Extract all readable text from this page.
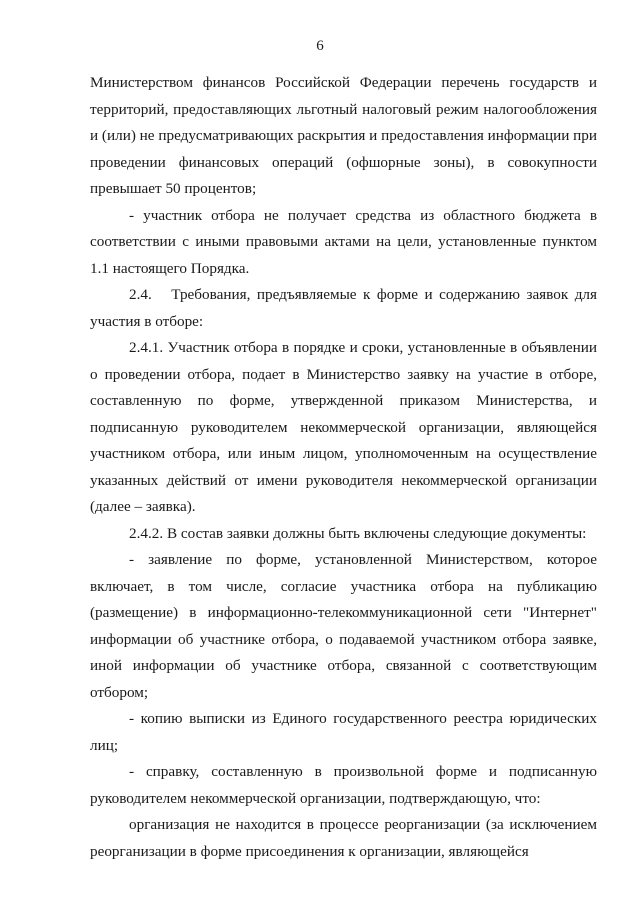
6

Министерством финансов Российской Федерации перечень государств и территорий, предоставляющих льготный налоговый режим налогообложения и (или) не предусматривающих раскрытия и предоставления информации при проведении финансовых операций (офшорные зоны), в совокупности превышает 50 процентов;

- участник отбора не получает средства из областного бюджета в соответствии с иными правовыми актами на цели, установленные пунктом 1.1 настоящего Порядка.

2.4.   Требования, предъявляемые к форме и содержанию заявок для участия в отборе:

2.4.1. Участник отбора в порядке и сроки, установленные в объявлении о проведении отбора, подает в Министерство заявку на участие в отборе, составленную по форме, утвержденной приказом Министерства, и подписанную руководителем некоммерческой организации, являющейся участником отбора, или иным лицом, уполномоченным на осуществление указанных действий от имени руководителя некоммерческой организации (далее – заявка).

2.4.2. В состав заявки должны быть включены следующие документы:

- заявление по форме, установленной Министерством, которое включает, в том числе, согласие участника отбора на публикацию (размещение) в информационно-телекоммуникационной сети "Интернет" информации об участнике отбора, о подаваемой участником отбора заявке, иной информации об участнике отбора, связанной с соответствующим отбором;

- копию выписки из Единого государственного реестра юридических лиц;

- справку, составленную в произвольной форме и подписанную руководителем некоммерческой организации, подтверждающую, что:

организация не находится в процессе реорганизации (за исключением реорганизации в форме присоединения к организации, являющейся
